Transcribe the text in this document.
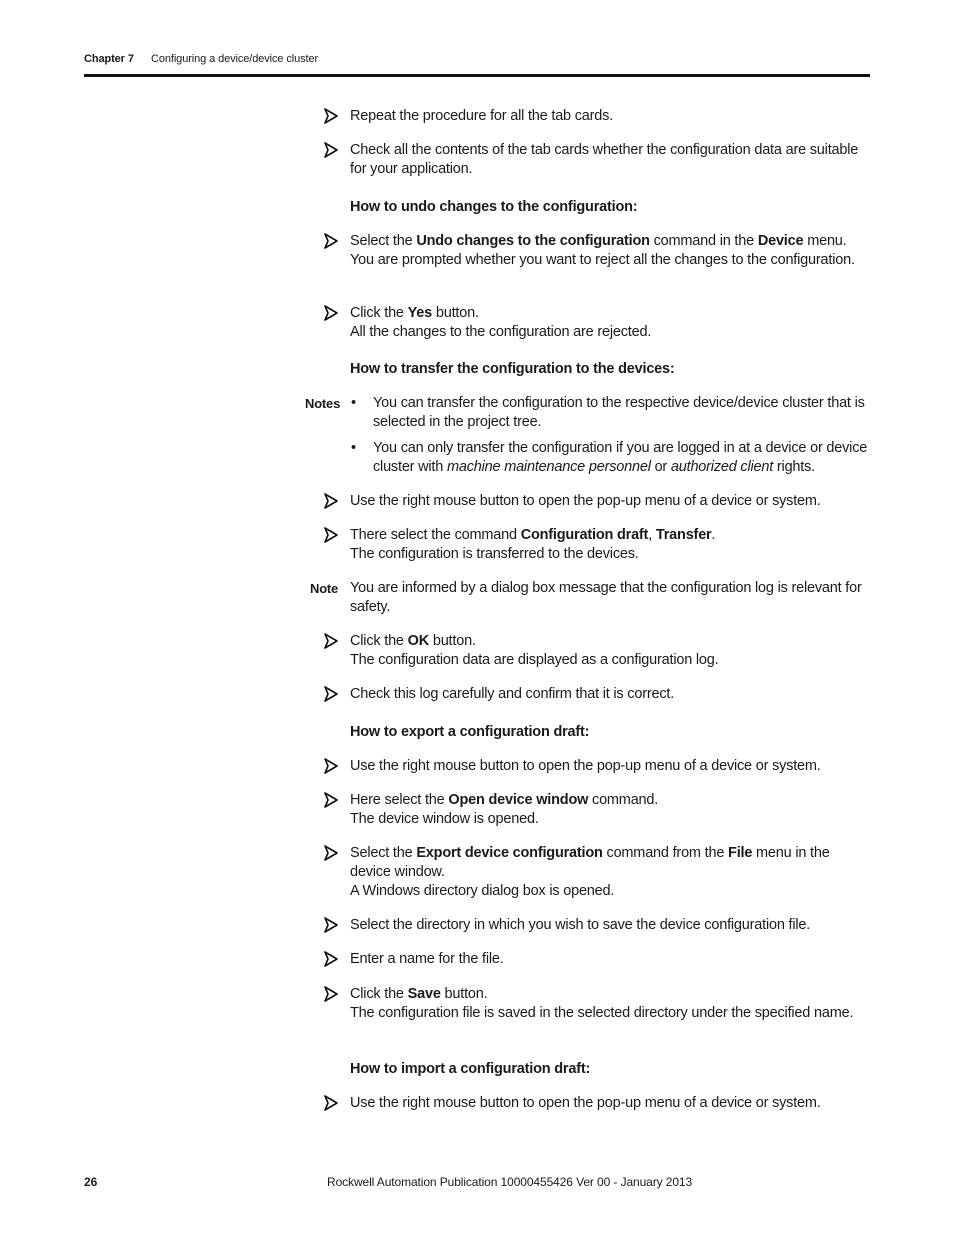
Chapter 7 Configuring a device/device cluster
Repeat the procedure for all the tab cards.
Check all the contents of the tab cards whether the configuration data are suitable for your application.
How to undo changes to the configuration:
Select the Undo changes to the configuration command in the Device menu.
You are prompted whether you want to reject all the changes to the configuration.
Click the Yes button.
All the changes to the configuration are rejected.
How to transfer the configuration to the devices:
Notes • You can transfer the configuration to the respective device/device cluster that is selected in the project tree.
• You can only transfer the configuration if you are logged in at a device or device cluster with machine maintenance personnel or authorized client rights.
Use the right mouse button to open the pop-up menu of a device or system.
There select the command Configuration draft, Transfer.
The configuration is transferred to the devices.
Note You are informed by a dialog box message that the configuration log is relevant for safety.
Click the OK button.
The configuration data are displayed as a configuration log.
Check this log carefully and confirm that it is correct.
How to export a configuration draft:
Use the right mouse button to open the pop-up menu of a device or system.
Here select the Open device window command.
The device window is opened.
Select the Export device configuration command from the File menu in the device window.
A Windows directory dialog box is opened.
Select the directory in which you wish to save the device configuration file.
Enter a name for the file.
Click the Save button.
The configuration file is saved in the selected directory under the specified name.
How to import a configuration draft:
Use the right mouse button to open the pop-up menu of a device or system.
26	Rockwell Automation Publication 10000455426 Ver 00 - January 2013
